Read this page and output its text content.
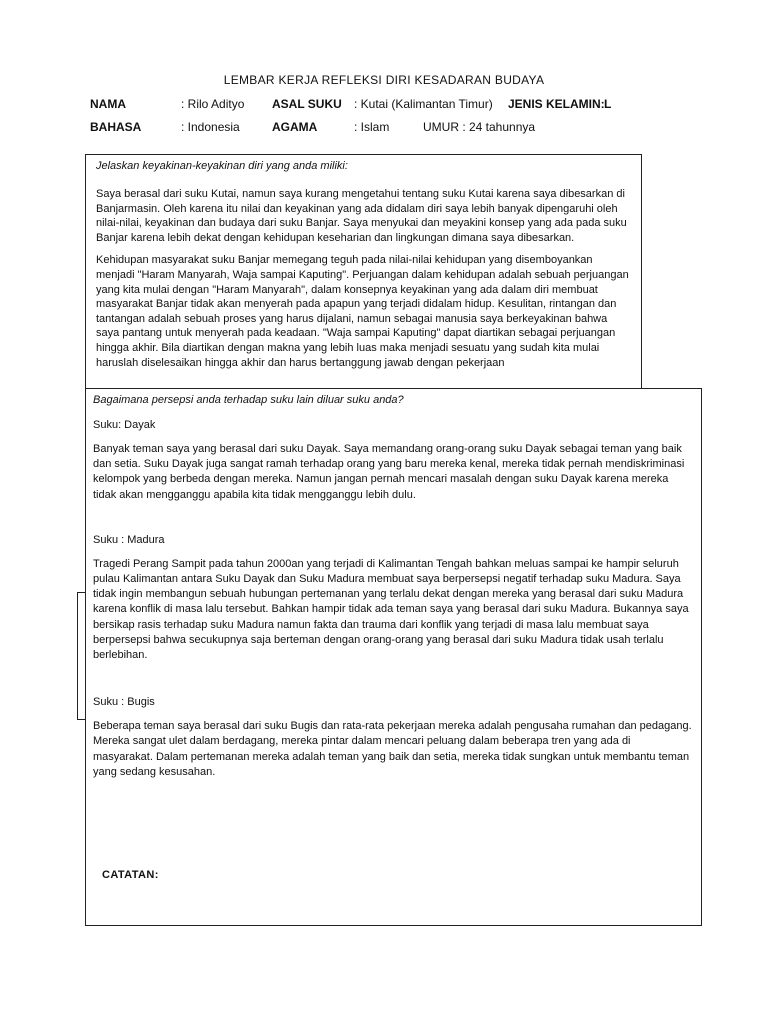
LEMBAR KERJA REFLEKSI DIRI KESADARAN BUDAYA
NAMA	: Rilo Adityo ASAL SUKU : Kutai (Kalimantan Timur) JENIS KELAMIN: L
BAHASA	: Indonesia	AGAMA	: Islam	UMUR : 24 tahunnya

Jelaskan keyakinan-keyakinan diri yang anda miliki:

Saya berasal dari suku Kutai, namun saya kurang mengetahui tentang suku Kutai karena saya dibesarkan di Banjarmasin. Oleh karena itu nilai dan keyakinan yang ada didalam diri saya lebih banyak dipengaruhi oleh nilai-nilai, keyakinan dan budaya dari suku Banjar. Saya menyukai dan meyakini konsep yang ada pada suku Banjar karena lebih dekat dengan kehidupan keseharian dan lingkungan dimana saya dibesarkan.

Kehidupan masyarakat suku Banjar memegang teguh pada nilai-nilai kehidupan yang disemboyankan menjadi "Haram Manyarah, Waja sampai Kaputing". Perjuangan dalam kehidupan adalah sebuah perjuangan yang kita mulai dengan "Haram Manyarah", dalam konsepnya keyakinan yang ada dalam diri membuat masyarakat Banjar tidak akan menyerah pada apapun yang terjadi didalam hidup. Kesulitan, rintangan dan tantangan adalah sebuah proses yang harus dijalani, namun sebagai manusia saya berkeyakinan bahwa saya pantang untuk menyerah pada keadaan. "Waja sampai Kaputing" dapat diartikan sebagai perjuangan hingga akhir. Bila diartikan dengan makna yang lebih luas maka menjadi sesuatu yang sudah kita mulai haruslah diselesaikan hingga akhir dan harus bertanggung jawab dengan pekerjaan

Bagaimana persepsi anda terhadap suku lain diluar suku anda?

Suku: Dayak

Banyak teman saya yang berasal dari suku Dayak. Saya memandang orang-orang suku Dayak sebagai teman yang baik dan setia. Suku Dayak juga sangat ramah terhadap orang yang baru mereka kenal, mereka tidak pernah mendiskriminasi kelompok yang berbeda dengan mereka. Namun jangan pernah mencari masalah dengan suku Dayak karena mereka tidak akan mengganggu apabila kita tidak mengganggu lebih dulu.

Suku : Madura

Tragedi Perang Sampit pada tahun 2000an yang terjadi di Kalimantan Tengah bahkan meluas sampai ke hampir seluruh pulau Kalimantan antara Suku Dayak dan Suku Madura membuat saya berpersepsi negatif terhadap suku Madura. Saya tidak ingin membangun sebuah hubungan pertemanan yang terlalu dekat dengan mereka yang berasal dari suku Madura karena konflik di masa lalu tersebut. Bahkan hampir tidak ada teman saya yang berasal dari suku Madura. Bukannya saya bersikap rasis terhadap suku Madura namun fakta dan trauma dari konflik yang terjadi di masa lalu membuat saya berpersepsi bahwa secukupnya saja berteman dengan orang-orang yang berasal dari suku Madura tidak usah terlalu berlebihan.

Suku : Bugis

Beberapa teman saya berasal dari suku Bugis dan rata-rata pekerjaan mereka adalah pengusaha rumahan dan pedagang. Mereka sangat ulet dalam berdagang, mereka pintar dalam mencari peluang dalam beberapa tren yang ada di masyarakat. Dalam pertemanan mereka adalah teman yang baik dan setia, mereka tidak sungkan untuk membantu teman yang sedang kesusahan.

CATATAN:
